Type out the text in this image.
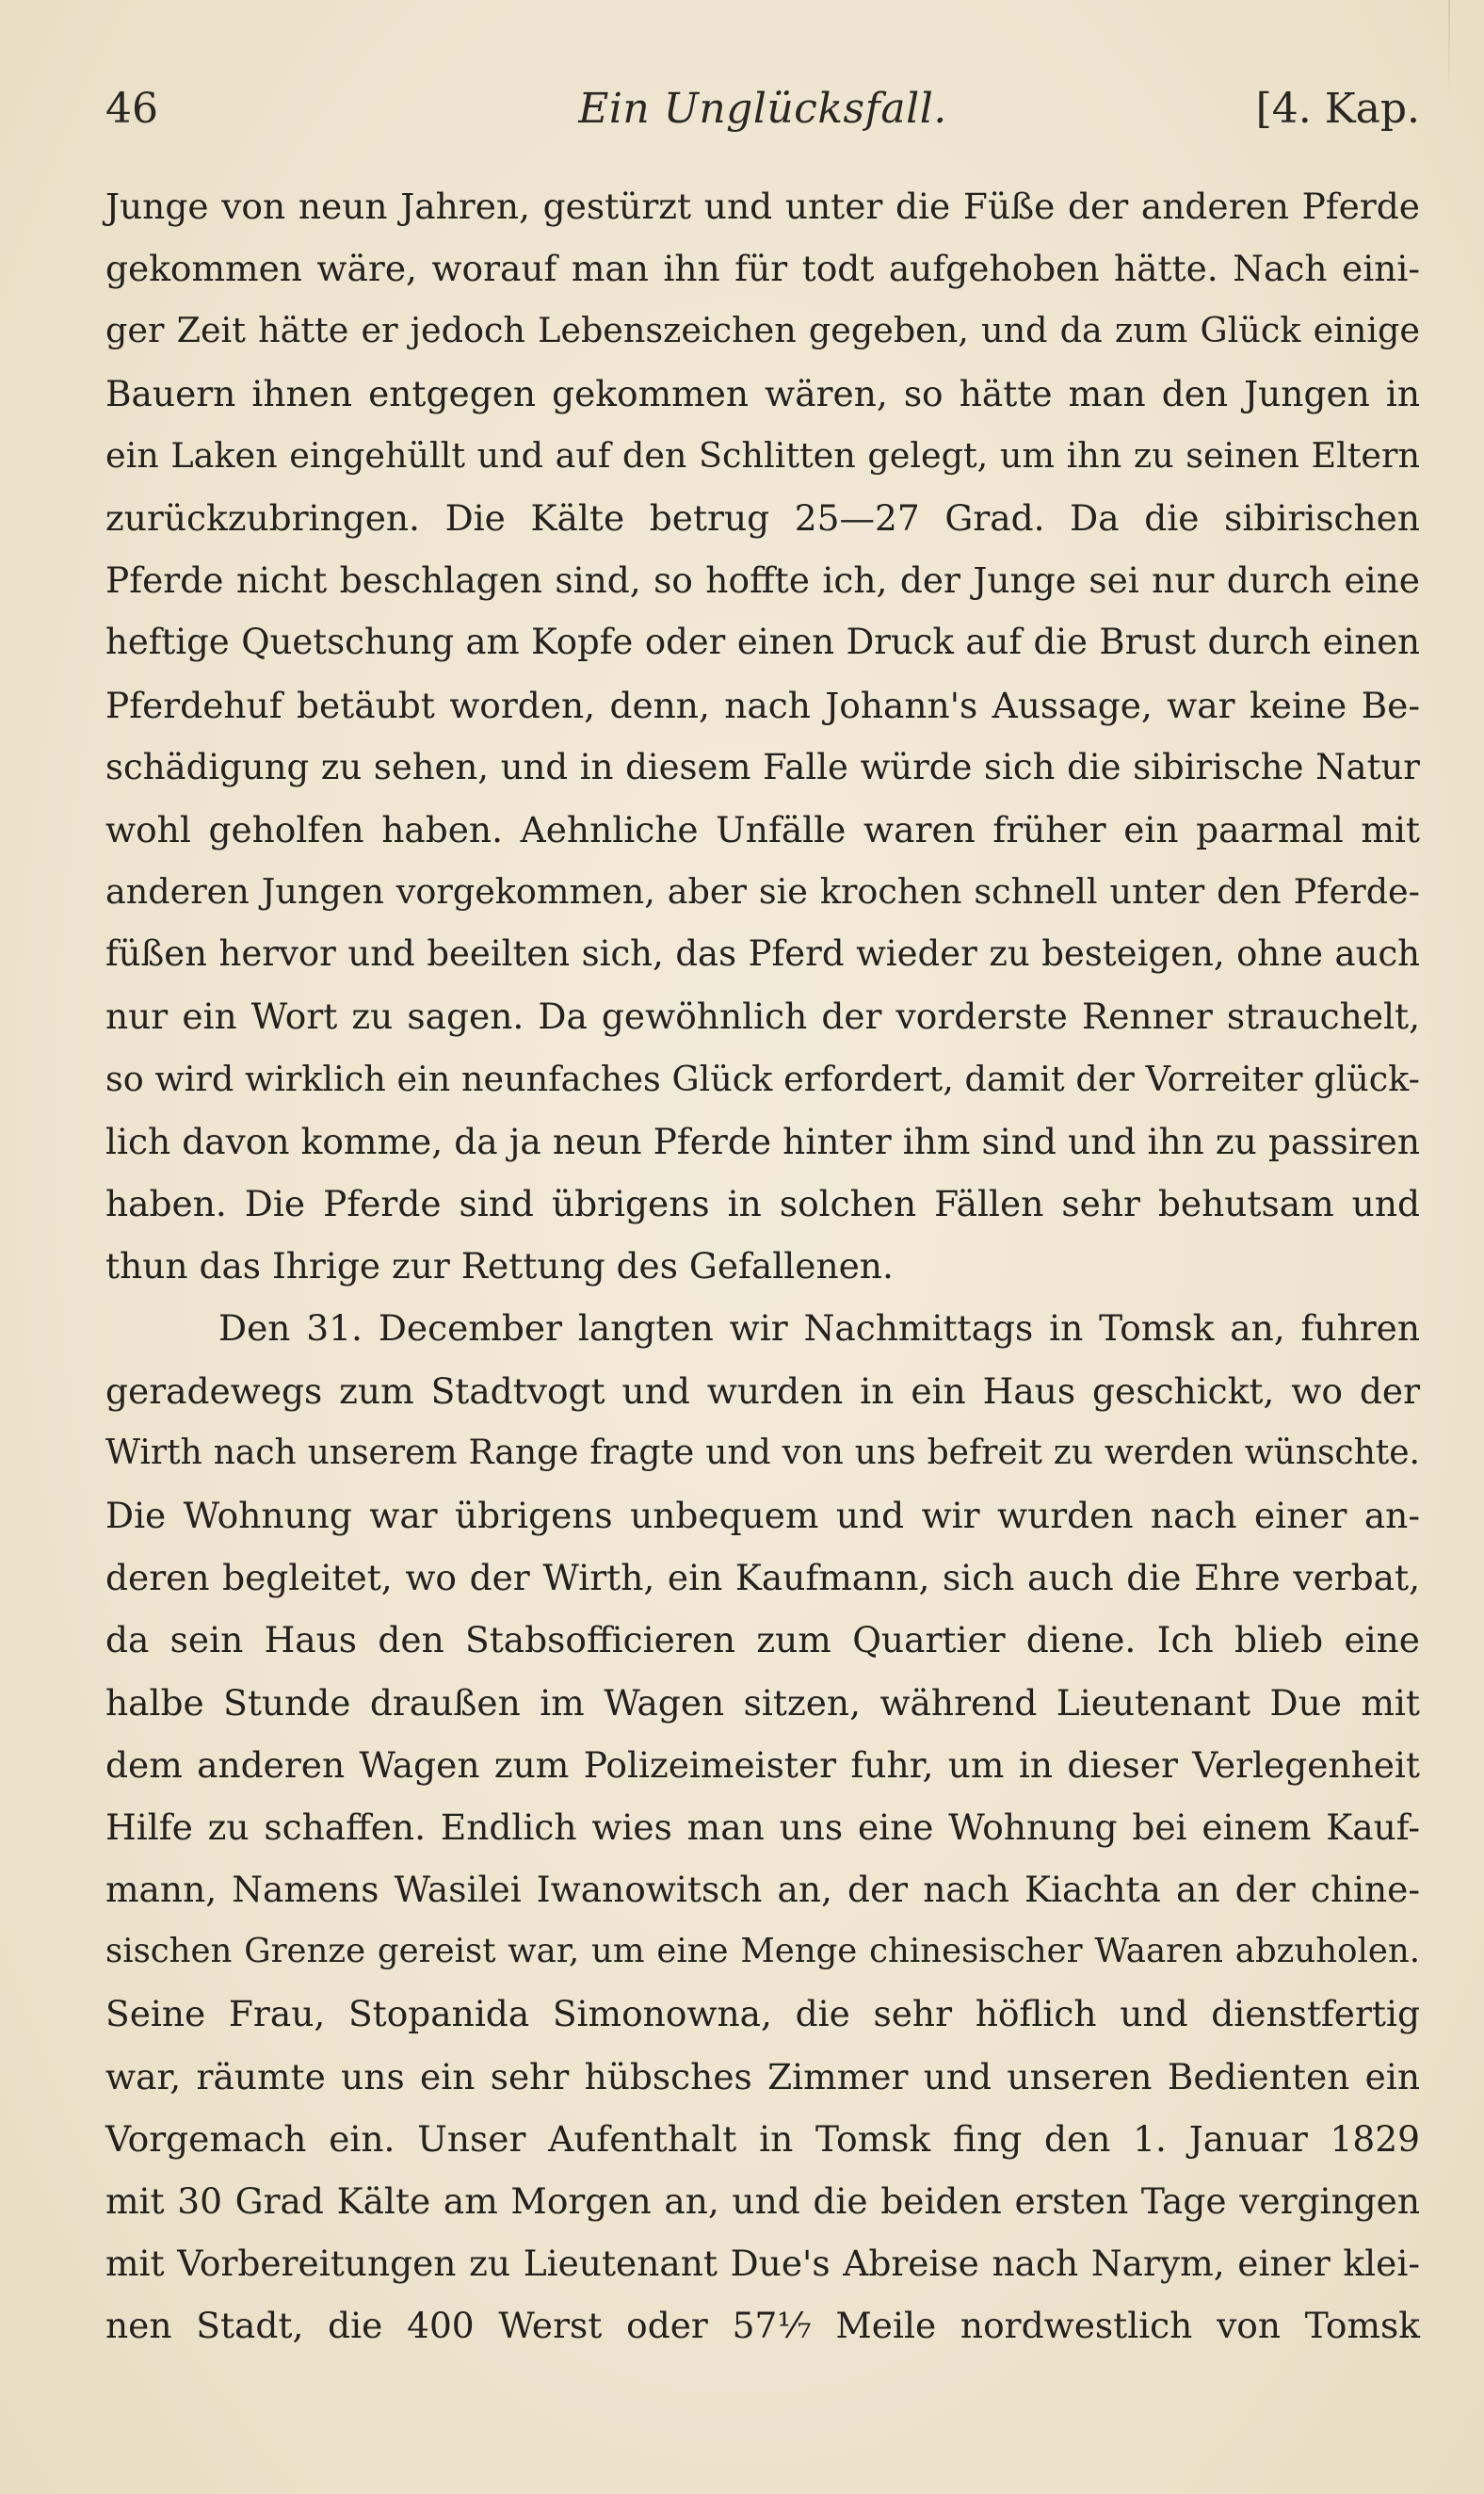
46	Ein Unglücksfall.	[4. Kap.
Junge von neun Jahren, gestürzt und unter die Füße der anderen Pferde
gekommen wäre, worauf man ihn für todt aufgehoben hätte. Nach eini-
ger Zeit hätte er jedoch Lebenszeichen gegeben, und da zum Glück einige
Bauern ihnen entgegen gekommen wären, so hätte man den Jungen in
ein Laken eingehüllt und auf den Schlitten gelegt, um ihn zu seinen Eltern
zurückzubringen. Die Kälte betrug 25—27 Grad. Da die sibirischen
Pferde nicht beschlagen sind, so hoffte ich, der Junge sei nur durch eine
heftige Quetschung am Kopfe oder einen Druck auf die Brust durch einen
Pferdehuf betäubt worden, denn, nach Johann's Aussage, war keine Be-
schädigung zu sehen, und in diesem Falle würde sich die sibirische Natur
wohl geholfen haben. Aehnliche Unfälle waren früher ein paarmal mit
anderen Jungen vorgekommen, aber sie krochen schnell unter den Pferde-
füßen hervor und beeilten sich, das Pferd wieder zu besteigen, ohne auch
nur ein Wort zu sagen. Da gewöhnlich der vorderste Renner strauchelt,
so wird wirklich ein neunfaches Glück erfordert, damit der Vorreiter glück-
lich davon komme, da ja neun Pferde hinter ihm sind und ihn zu passiren
haben. Die Pferde sind übrigens in solchen Fällen sehr behutsam und
thun das Ihrige zur Rettung des Gefallenen.
Den 31. December langten wir Nachmittags in Tomsk an, fuhren
geradewegs zum Stadtvogt und wurden in ein Haus geschickt, wo der
Wirth nach unserem Range fragte und von uns befreit zu werden wünschte.
Die Wohnung war übrigens unbequem und wir wurden nach einer an-
deren begleitet, wo der Wirth, ein Kaufmann, sich auch die Ehre verbat,
da sein Haus den Stabsofficieren zum Quartier diene. Ich blieb eine
halbe Stunde draußen im Wagen sitzen, während Lieutenant Due mit
dem anderen Wagen zum Polizeimeister fuhr, um in dieser Verlegenheit
Hilfe zu schaffen. Endlich wies man uns eine Wohnung bei einem Kauf-
mann, Namens Wasilei Iwanowitsch an, der nach Kiachta an der chine-
sischen Grenze gereist war, um eine Menge chinesischer Waaren abzuholen.
Seine Frau, Stopanida Simonowna, die sehr höflich und dienstfertig
war, räumte uns ein sehr hübsches Zimmer und unseren Bedienten ein
Vorgemach ein. Unser Aufenthalt in Tomsk fing den 1. Januar 1829
mit 30 Grad Kälte am Morgen an, und die beiden ersten Tage vergingen
mit Vorbereitungen zu Lieutenant Due's Abreise nach Narym, einer klei-
nen Stadt, die 400 Werst oder 57¹⁄₇ Meile nordwestlich von Tomsk
